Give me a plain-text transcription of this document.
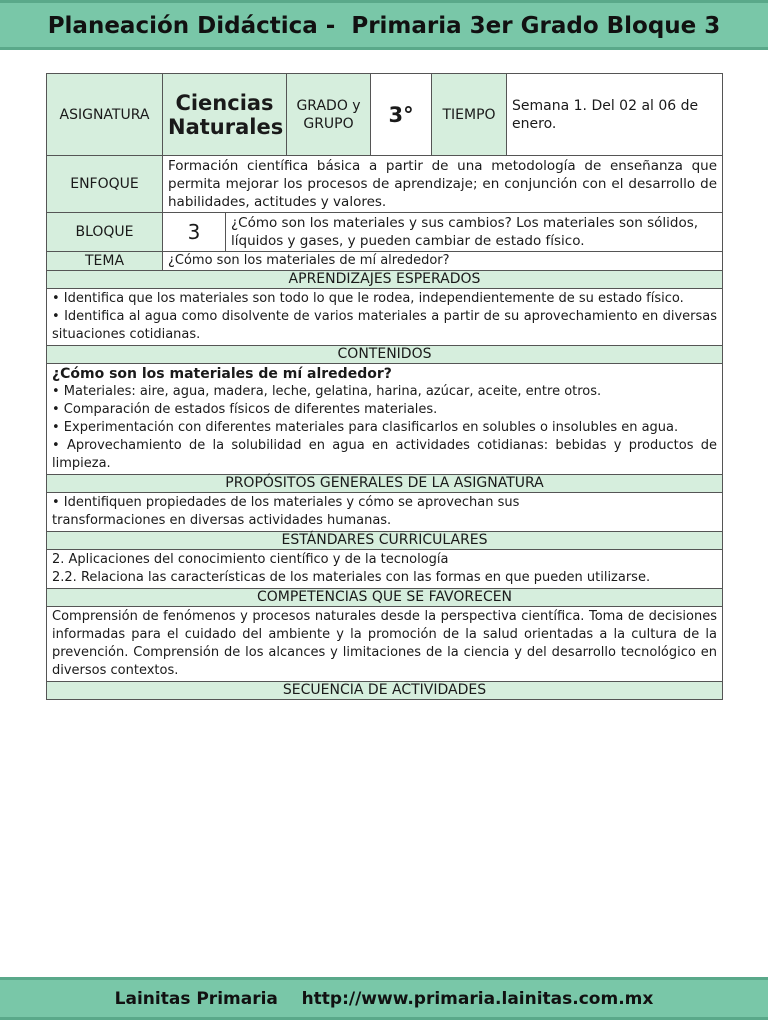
Planeación Didáctica -  Primaria 3er Grado Bloque 3
ASIGNATURA	Ciencias Naturales		GRADO y GRUPO	3°	TIEMPO	Semana 1. Del 02 al 06 de enero.
ENFOQUE	Formación científica básica a partir de una metodología de enseñanza que permita mejorar los procesos de aprendizaje; en conjunción con el desarrollo de habilidades, actitudes y valores.					
BLOQUE	3	¿Cómo son los materiales y sus cambios? Los materiales son sólidos, líquidos y gases, y pueden cambiar de estado físico.				
TEMA	¿Cómo son los materiales de mí alrededor?					
APRENDIZAJES ESPERADOS						

• Identifica que los materiales son todo lo que le rodea, independientemente de su estado físico.

• Identifica al agua como disolvente de varios materiales a partir de su aprovechamiento en diversas situaciones cotidianas.						

CONTENIDOS						

¿Cómo son los materiales de mí alrededor?

• Materiales: aire, agua, madera, leche, gelatina, harina, azúcar, aceite, entre otros.

• Comparación de estados físicos de diferentes materiales.

• Experimentación con diferentes materiales para clasificarlos en solubles o insolubles en agua.

• Aprovechamiento de la solubilidad en agua en actividades cotidianas: bebidas y productos de limpieza.						

PROPÓSITOS GENERALES DE LA ASIGNATURA						
• Identifiquen propiedades de los materiales y cómo se aprovechan sus transformaciones en diversas actividades humanas.						
ESTÁNDARES CURRICULARES						

2. Aplicaciones del conocimiento científico y de la tecnología

2.2. Relaciona las características de los materiales con las formas en que pueden utilizarse.						

COMPETENCIAS QUE SE FAVORECEN						
Comprensión de fenómenos y procesos naturales desde la perspectiva científica. Toma de decisiones informadas para el cuidado del ambiente y la promoción de la salud orientadas a la cultura de la prevención. Comprensión de los alcances y limitaciones de la ciencia y del desarrollo tecnológico en diversos contextos.						
SECUENCIA DE ACTIVIDADES						
Lainitas Primaria    http://www.primaria.lainitas.com.mx
